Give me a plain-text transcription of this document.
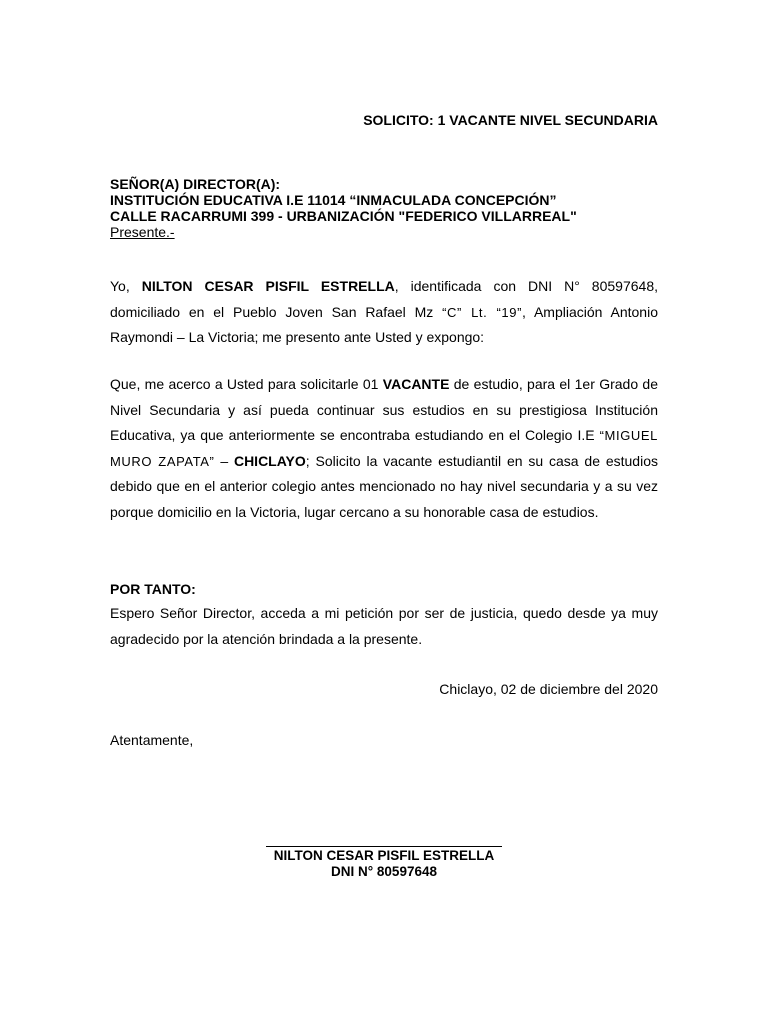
SOLICITO: 1 VACANTE NIVEL SECUNDARIA
SEÑOR(A) DIRECTOR(A):
INSTITUCIÓN EDUCATIVA I.E 11014 “INMACULADA CONCEPCIÓN”
CALLE RACARRUMI 399 - URBANIZACIÓN "FEDERICO VILLARREAL"
Presente.-

Yo, NILTON CESAR PISFIL ESTRELLA, identificada con DNI N° 80597648, domiciliado en el Pueblo Joven San Rafael Mz “C” Lt. “19”, Ampliación Antonio Raymondi – La Victoria; me presento ante Usted y expongo:

Que, me acerco a Usted para solicitarle 01 VACANTE de estudio, para el 1er Grado de Nivel Secundaria y así pueda continuar sus estudios en su prestigiosa Institución Educativa, ya que anteriormente se encontraba estudiando en el Colegio I.E “MIGUEL MURO ZAPATA” – CHICLAYO; Solicito la vacante estudiantil en su casa de estudios debido que en el anterior colegio antes mencionado no hay nivel secundaria y a su vez porque domicilio en la Victoria, lugar cercano a su honorable casa de estudios.

POR TANTO:

Espero Señor Director, acceda a mi petición por ser de justicia, quedo desde ya muy agradecido por la atención brindada a la presente.

Chiclayo, 02 de diciembre del 2020
Atentamente,
NILTON CESAR PISFIL ESTRELLA
DNI N° 80597648
